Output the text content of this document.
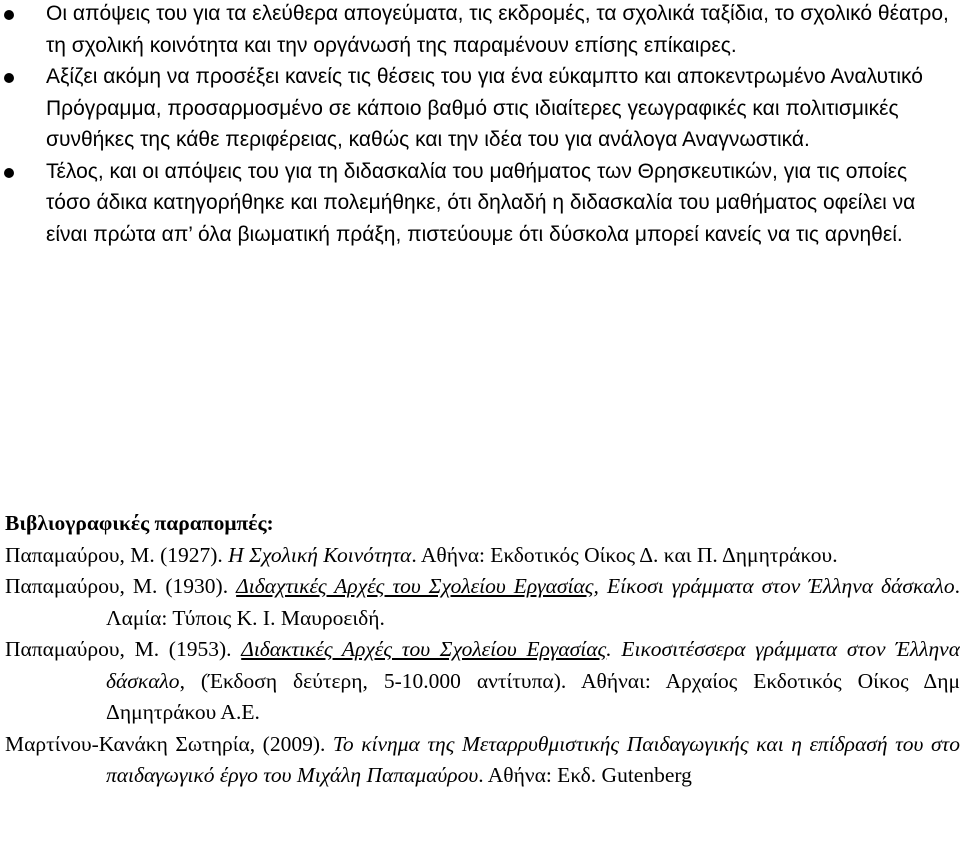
Οι απόψεις του για τα ελεύθερα απογεύματα, τις εκδρομές, τα σχολικά ταξίδια, το σχολικό θέατρο, τη σχολική κοινότητα και την οργάνωσή της παραμένουν επίσης επίκαιρες.
Αξίζει ακόμη να προσέξει κανείς τις θέσεις του για ένα εύκαμπτο και αποκεντρωμένο Αναλυτικό Πρόγραμμα, προσαρμοσμένο σε κάποιο βαθμό στις ιδιαίτερες γεωγραφικές και πολιτισμικές συνθήκες της κάθε περιφέρειας, καθώς και την ιδέα του για ανάλογα Αναγνωστικά.
Τέλος, και οι απόψεις του για τη διδασκαλία του μαθήματος των Θρησκευτικών, για τις οποίες τόσο άδικα κατηγορήθηκε και πολεμήθηκε, ότι δηλαδή η διδασκαλία του μαθήματος οφείλει να είναι πρώτα απ’ όλα βιωματική πράξη, πιστεύουμε ότι δύσκολα μπορεί κανείς να τις αρνηθεί.

Βιβλιογραφικές παραπομπές:

Παπαμαύρου, Μ. (1927). Η Σχολική Κοινότητα. Αθήνα: Εκδοτικός Οίκος Δ. και Π. Δημητράκου.

Παπαμαύρου, Μ. (1930). Διδαχτικές Αρχές του Σχολείου Εργασίας, Είκοσι γράμματα στον Έλληνα δάσκαλο. Λαμία: Τύποις Κ. Ι. Μαυροειδή.

Παπαμαύρου, Μ. (1953). Διδακτικές Αρχές του Σχολείου Εργασίας. Εικοσιτέσσερα γράμματα στον Έλληνα δάσκαλο, (Έκδοση δεύτερη, 5-10.000 αντίτυπα). Αθήναι: Αρχαίος Εκδοτικός Οίκος Δημ Δημητράκου Α.Ε.

Μαρτίνου-Κανάκη Σωτηρία, (2009). Το κίνημα της Μεταρρυθμιστικής Παιδαγωγικής και η επίδρασή του στο παιδαγωγικό έργο του Μιχάλη Παπαμαύρου. Αθήνα: Εκδ. Gutenberg
